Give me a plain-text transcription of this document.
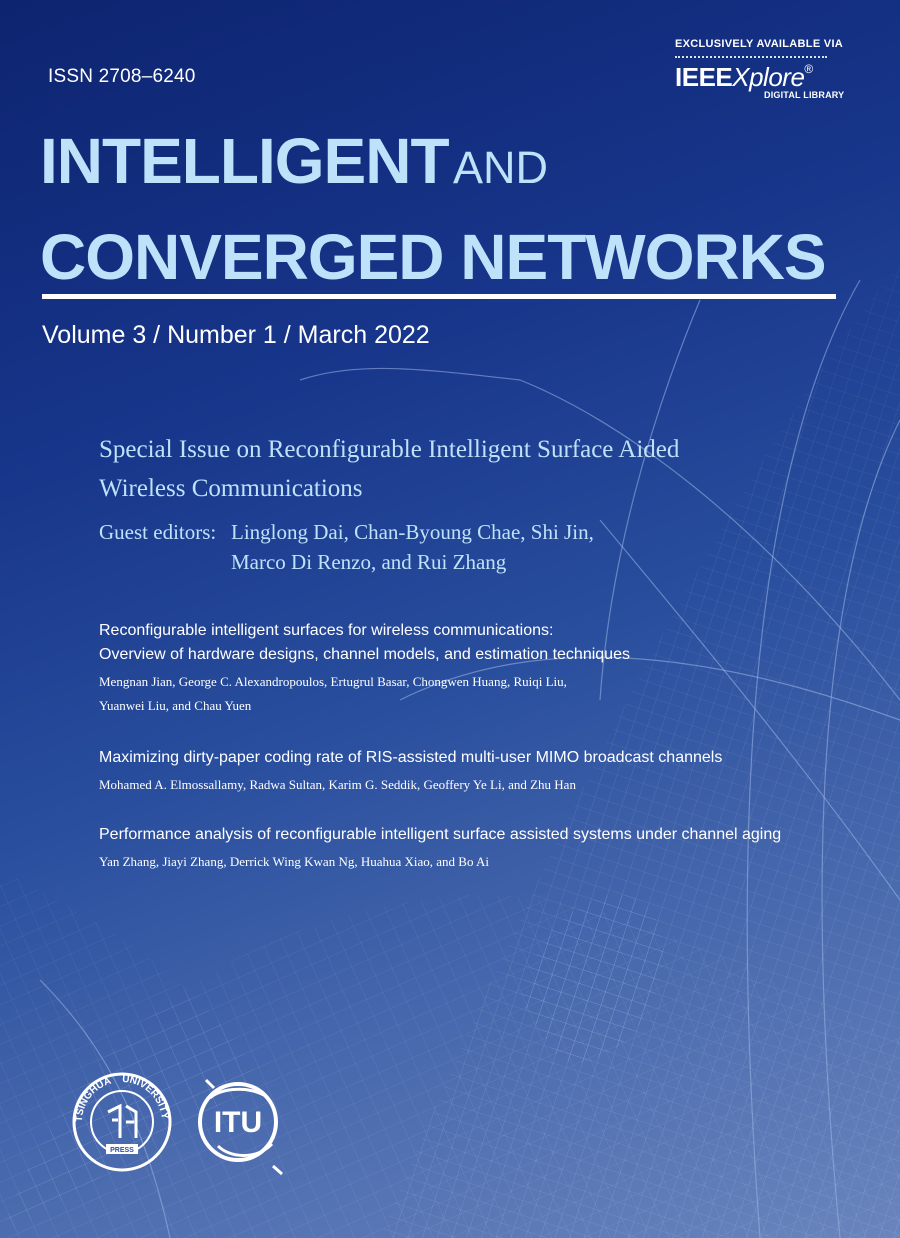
ISSN 2708–6240
EXCLUSIVELY AVAILABLE VIA
IEEEXplore®
DIGITAL LIBRARY
INTELLIGENT AND
CONVERGED NETWORKS
Volume 3 / Number 1 / March 2022
Special Issue on Reconfigurable Intelligent Surface Aided
Wireless Communications
Guest editors: Linglong Dai, Chan-Byoung Chae, Shi Jin,
Marco Di Renzo, and Rui Zhang
Reconfigurable intelligent surfaces for wireless communications:
Overview of hardware designs, channel models, and estimation techniques
Mengnan Jian, George C. Alexandropoulos, Ertugrul Basar, Chongwen Huang, Ruiqi Liu,
Yuanwei Liu, and Chau Yuen
Maximizing dirty-paper coding rate of RIS-assisted multi-user MIMO broadcast channels
Mohamed A. Elmossallamy, Radwa Sultan, Karim G. Seddik, Geoffery Ye Li, and Zhu Han
Performance analysis of reconfigurable intelligent surface assisted systems under channel aging
Yan Zhang, Jiayi Zhang, Derrick Wing Kwan Ng, Huahua Xiao, and Bo Ai
TSINGHUA UNIVERSITY
PRESS
ITU
